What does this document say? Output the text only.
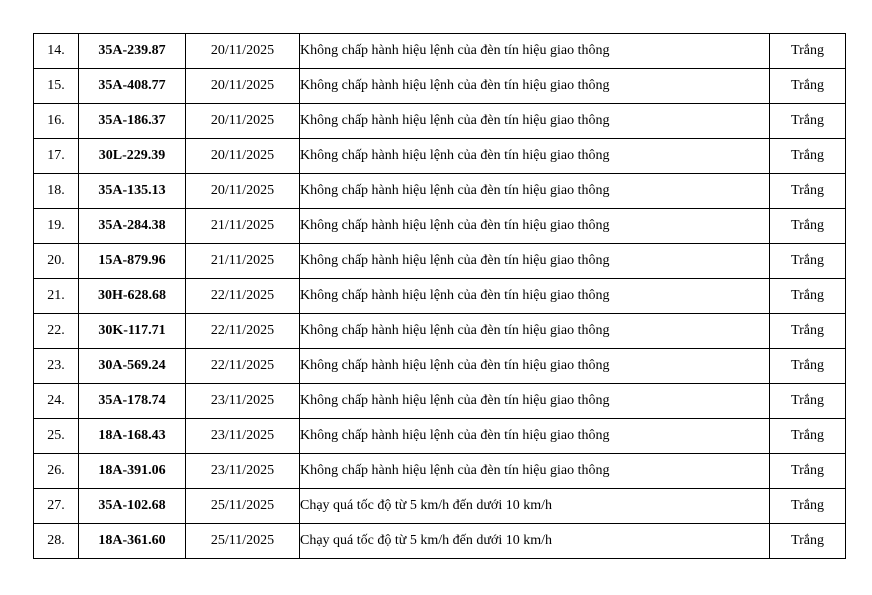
14.	35A-239.87	20/11/2025	Không chấp hành hiệu lệnh của đèn tín hiệu giao thông	Trắng
15.	35A-408.77	20/11/2025	Không chấp hành hiệu lệnh của đèn tín hiệu giao thông	Trắng
16.	35A-186.37	20/11/2025	Không chấp hành hiệu lệnh của đèn tín hiệu giao thông	Trắng
17.	30L-229.39	20/11/2025	Không chấp hành hiệu lệnh của đèn tín hiệu giao thông	Trắng
18.	35A-135.13	20/11/2025	Không chấp hành hiệu lệnh của đèn tín hiệu giao thông	Trắng
19.	35A-284.38	21/11/2025	Không chấp hành hiệu lệnh của đèn tín hiệu giao thông	Trắng
20.	15A-879.96	21/11/2025	Không chấp hành hiệu lệnh của đèn tín hiệu giao thông	Trắng
21.	30H-628.68	22/11/2025	Không chấp hành hiệu lệnh của đèn tín hiệu giao thông	Trắng
22.	30K-117.71	22/11/2025	Không chấp hành hiệu lệnh của đèn tín hiệu giao thông	Trắng
23.	30A-569.24	22/11/2025	Không chấp hành hiệu lệnh của đèn tín hiệu giao thông	Trắng
24.	35A-178.74	23/11/2025	Không chấp hành hiệu lệnh của đèn tín hiệu giao thông	Trắng
25.	18A-168.43	23/11/2025	Không chấp hành hiệu lệnh của đèn tín hiệu giao thông	Trắng
26.	18A-391.06	23/11/2025	Không chấp hành hiệu lệnh của đèn tín hiệu giao thông	Trắng
27.	35A-102.68	25/11/2025	Chạy quá tốc độ từ 5 km/h đến dưới 10 km/h	Trắng
28.	18A-361.60	25/11/2025	Chạy quá tốc độ từ 5 km/h đến dưới 10 km/h	Trắng
